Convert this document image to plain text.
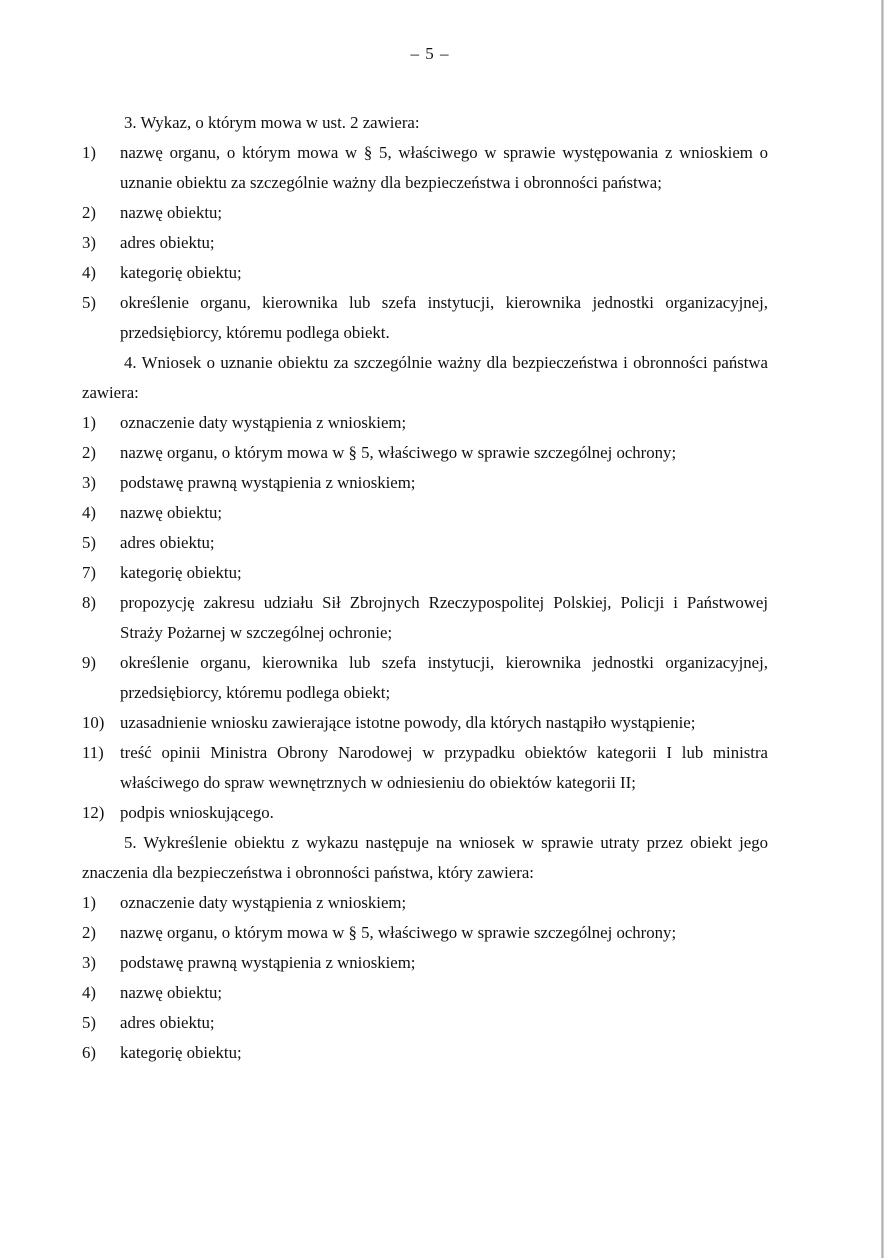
– 5 –

3. Wykaz, o którym mowa w ust. 2 zawiera:

1)	nazwę organu, o którym mowa w § 5, właściwego w sprawie występowania z wnioskiem o uznanie obiektu za szczególnie ważny dla bezpieczeństwa i obronności państwa;
2)	nazwę obiektu;
3)	adres obiektu;
4)	kategorię obiektu;
5)	określenie organu, kierownika lub szefa instytucji, kierownika jednostki organizacyjnej, przedsiębiorcy, któremu podlega obiekt.

4. Wniosek o uznanie obiektu za szczególnie ważny dla bezpieczeństwa i obronności państwa zawiera:

1)	oznaczenie daty wystąpienia z wnioskiem;
2)	nazwę organu, o którym mowa w § 5, właściwego w sprawie szczególnej ochrony;
3)	podstawę prawną wystąpienia z wnioskiem;
4)	nazwę obiektu;
5)	adres obiektu;
7)	kategorię obiektu;
8)	propozycję zakresu udziału Sił Zbrojnych Rzeczypospolitej Polskiej, Policji i Państwowej Straży Pożarnej w szczególnej ochronie;
9)	określenie organu, kierownika lub szefa instytucji, kierownika jednostki organizacyjnej, przedsiębiorcy, któremu podlega obiekt;
10) uzasadnienie wniosku zawierające istotne powody, dla których nastąpiło wystąpienie;
11) treść opinii Ministra Obrony Narodowej w przypadku obiektów kategorii I lub ministra właściwego do spraw wewnętrznych w odniesieniu do obiektów kategorii II;
12) podpis wnioskującego.

5. Wykreślenie obiektu z wykazu następuje na wniosek w sprawie utraty przez obiekt jego znaczenia dla bezpieczeństwa i obronności państwa, który zawiera:

1)	oznaczenie daty wystąpienia z wnioskiem;
2)	nazwę organu, o którym mowa w § 5, właściwego w sprawie szczególnej ochrony;
3)	podstawę prawną wystąpienia z wnioskiem;
4)	nazwę obiektu;
5)	adres obiektu;
6)	kategorię obiektu;
